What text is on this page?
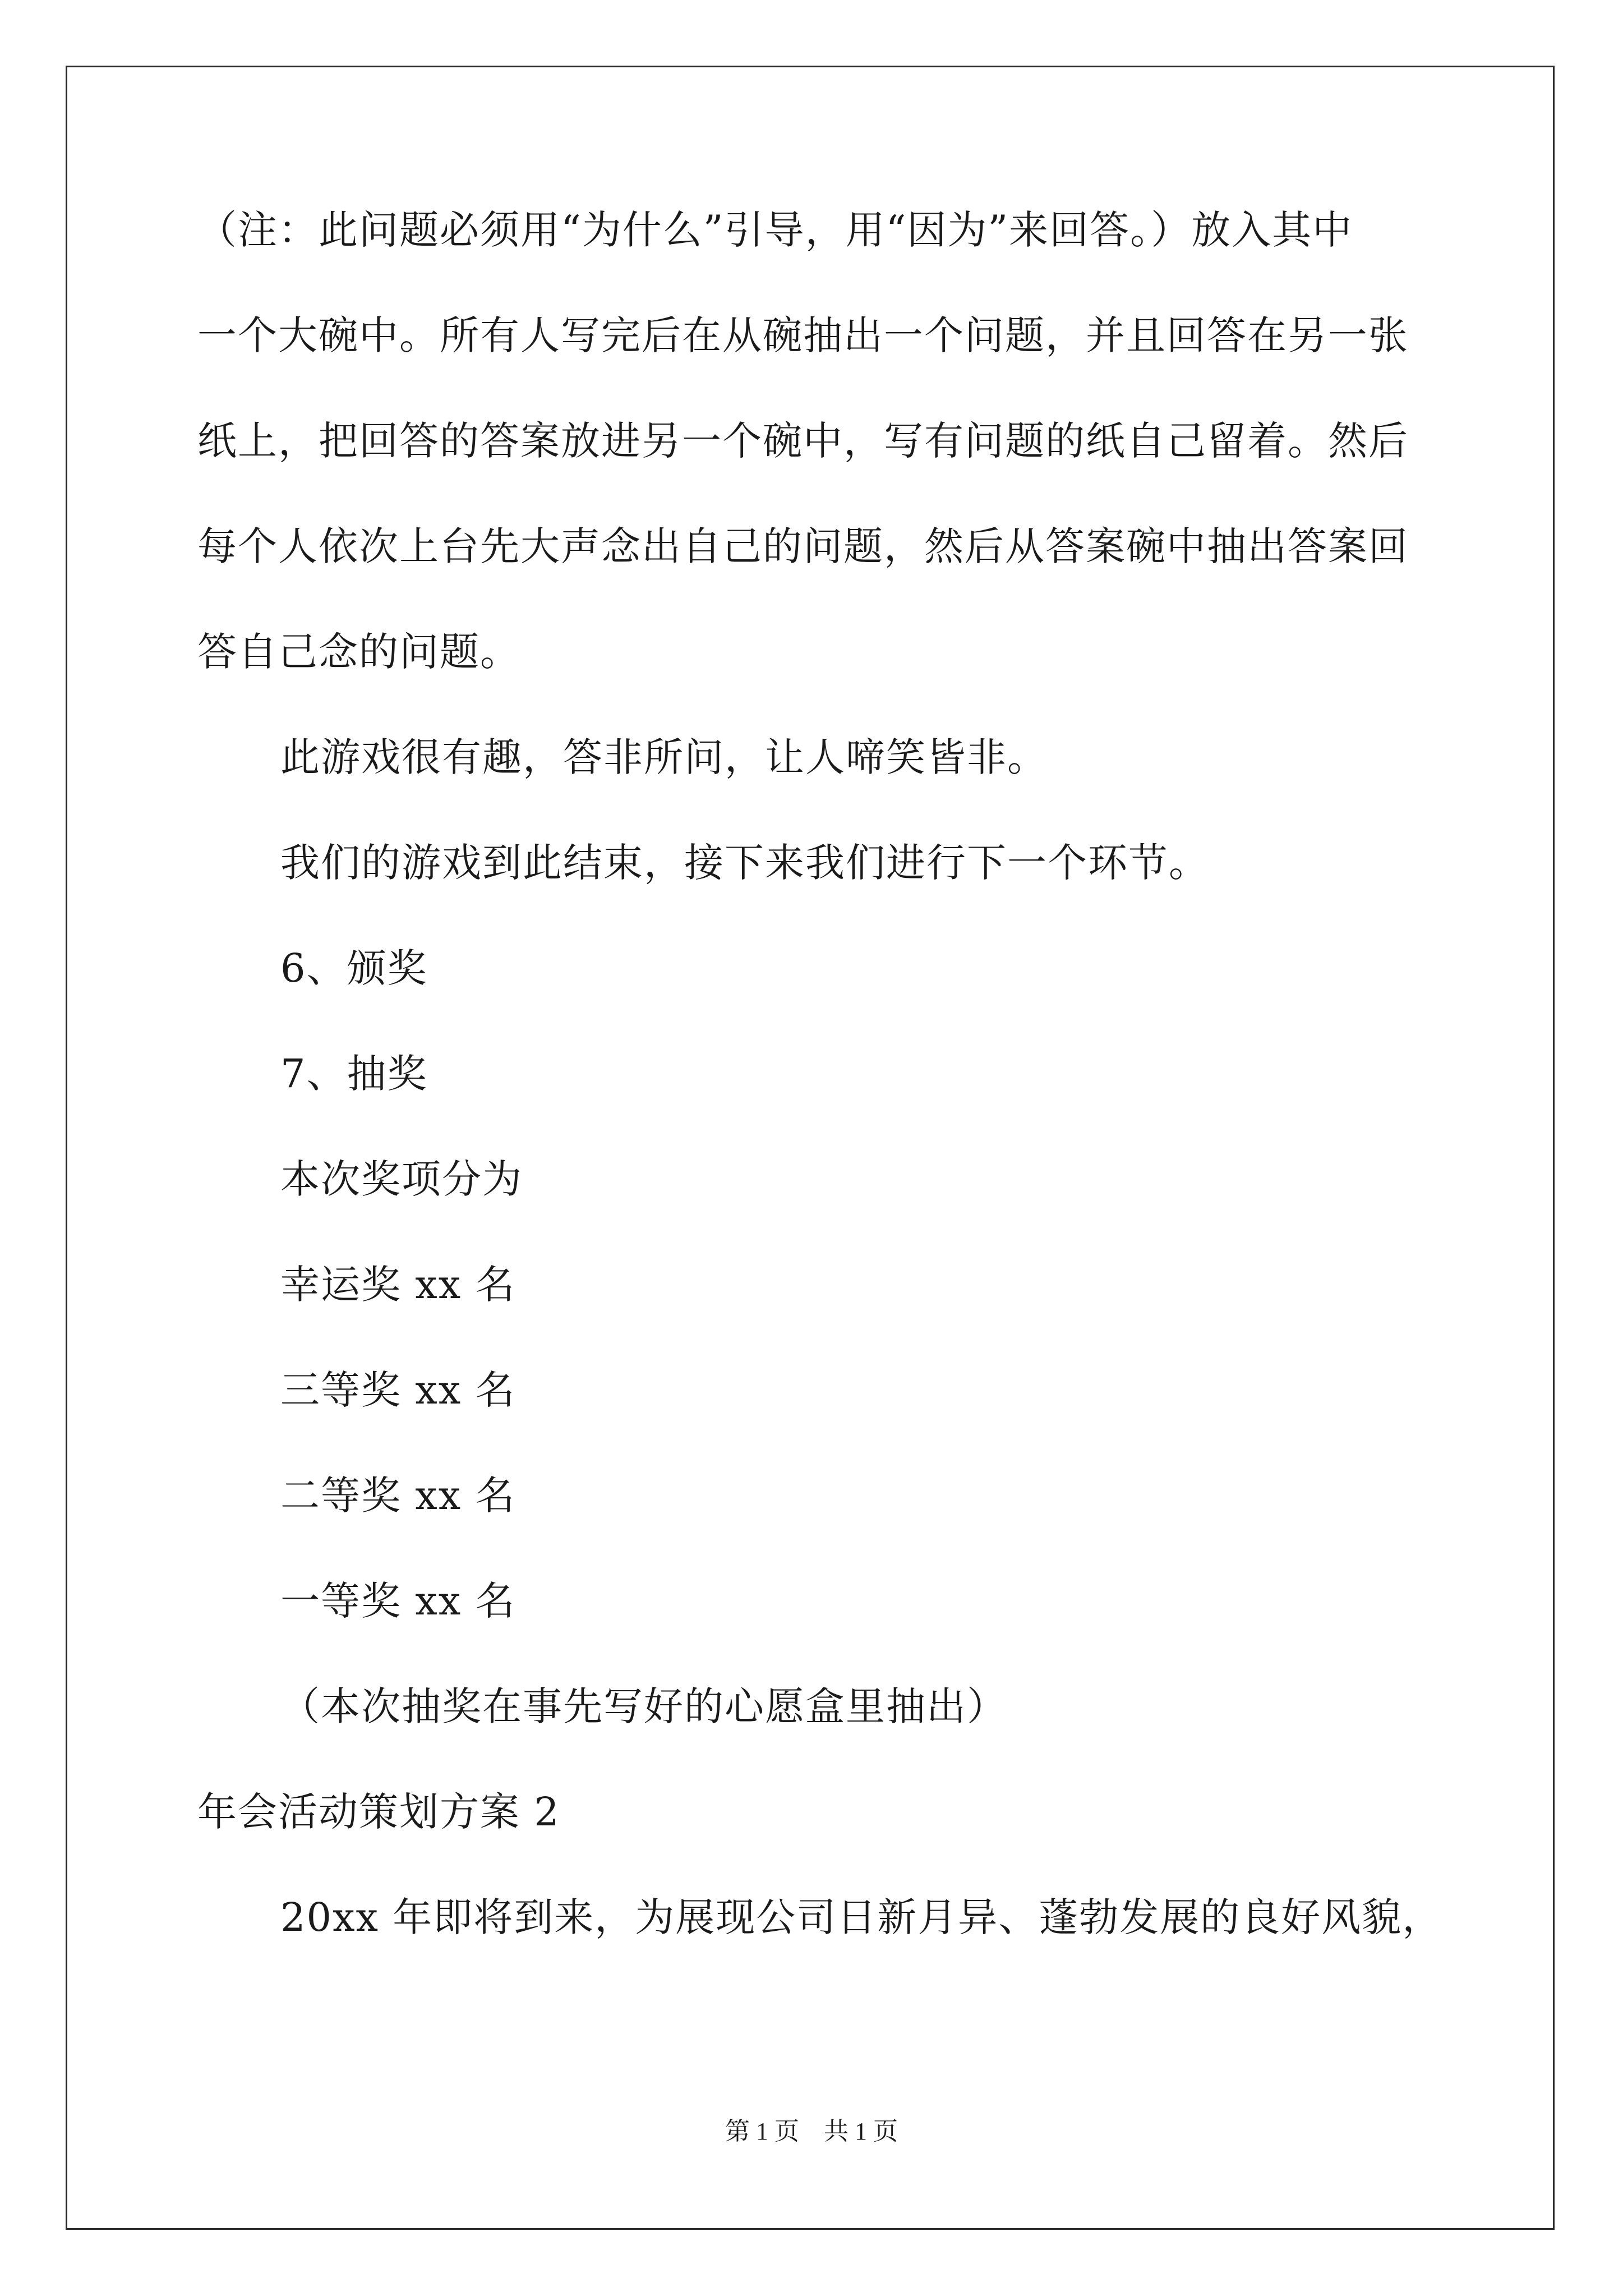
（注：此问题必须用“为什么”引导，用“因为”来回答。）放入其中
一个大碗中。所有人写完后在从碗抽出一个问题，并且回答在另一张
纸上，把回答的答案放进另一个碗中，写有问题的纸自己留着。然后
每个人依次上台先大声念出自己的问题，然后从答案碗中抽出答案回
答自己念的问题。
此游戏很有趣，答非所问，让人啼笑皆非。
我们的游戏到此结束，接下来我们进行下一个环节。
6、颁奖
7、抽奖
本次奖项分为
幸运奖 xx 名
三等奖 xx 名
二等奖 xx 名
一等奖 xx 名
（本次抽奖在事先写好的心愿盒里抽出）
年会活动策划方案 2
20xx 年即将到来，为展现公司日新月异、蓬勃发展的良好风貌，
第 1 页　共 1 页
